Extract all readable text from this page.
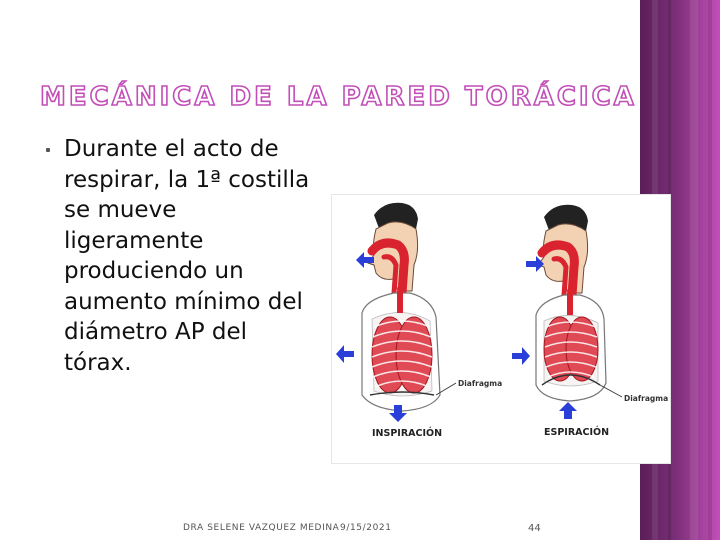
MECÁNICA DE LA PARED TORÁCICA
Durante el acto de respirar, la 1ª costilla se mueve ligeramente produciendo un aumento mínimo del diámetro AP del tórax.
Diafragma
Diafragma
INSPIRACIÓN	ESPIRACIÓN
DRA SELENE VAZQUEZ MEDINA 9/15/2021	44
